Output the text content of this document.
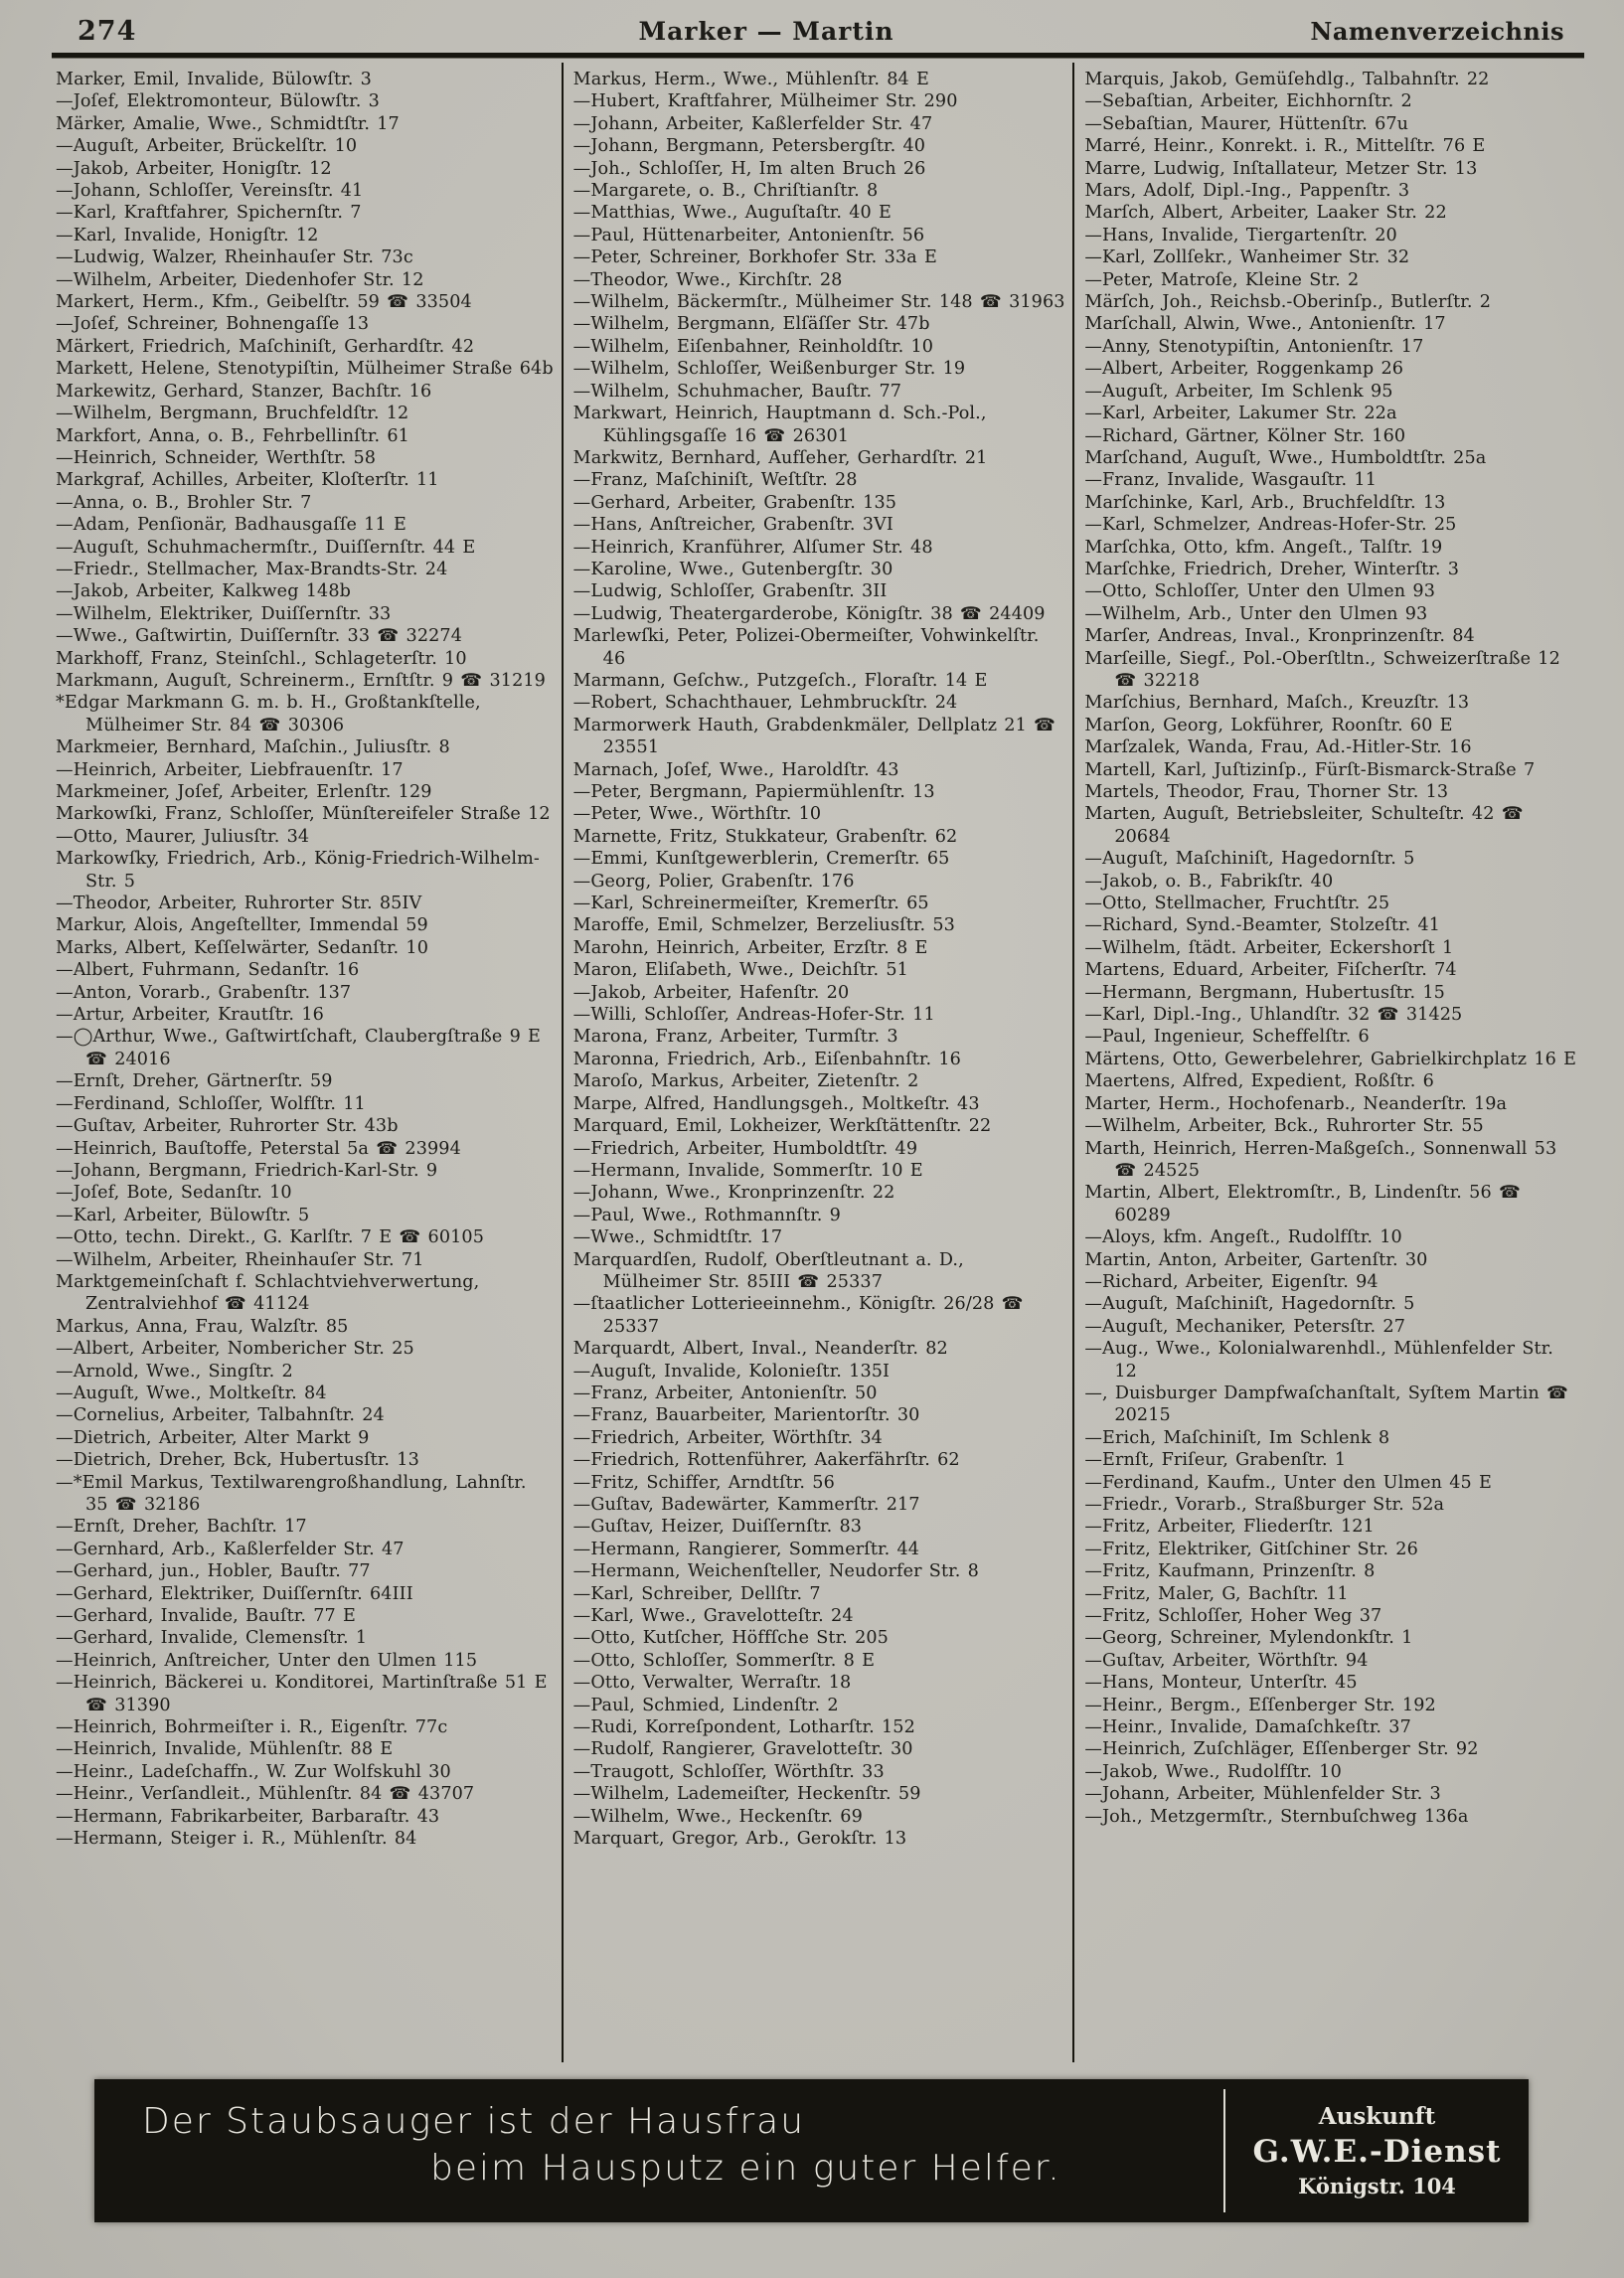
274	Marker — Martin	Namenverzeichnis
Marker, Emil, Invalide, Bülowſtr. 3
—Joſef, Elektromonteur, Bülowſtr. 3
Märker, Amalie, Wwe., Schmidtſtr. 17
—Auguſt, Arbeiter, Brückelſtr. 10
—Jakob, Arbeiter, Honigſtr. 12
—Johann, Schloſſer, Vereinsſtr. 41
—Karl, Kraftfahrer, Spichernſtr. 7
—Karl, Invalide, Honigſtr. 12
—Ludwig, Walzer, Rheinhauſer Str. 73c
—Wilhelm, Arbeiter, Diedenhofer Str. 12
Markert, Herm., Kfm., Geibelſtr. 59 ☎ 33504
—Joſef, Schreiner, Bohnengaſſe 13
Märkert, Friedrich, Maſchiniſt, Gerhardſtr. 42
Markett, Helene, Stenotypiſtin, Mülheimer Straße 64b
Markewitz, Gerhard, Stanzer, Bachſtr. 16
—Wilhelm, Bergmann, Bruchfeldſtr. 12
Markfort, Anna, o. B., Fehrbellinſtr. 61
—Heinrich, Schneider, Werthſtr. 58
Markgraf, Achilles, Arbeiter, Kloſterſtr. 11
—Anna, o. B., Brohler Str. 7
—Adam, Penſionär, Badhausgaſſe 11 E
—Auguſt, Schuhmachermſtr., Duiſſernſtr. 44 E
—Friedr., Stellmacher, Max-Brandts-Str. 24
—Jakob, Arbeiter, Kalkweg 148b
—Wilhelm, Elektriker, Duiſſernſtr. 33
—Wwe., Gaſtwirtin, Duiſſernſtr. 33 ☎ 32274
Markhoff, Franz, Steinſchl., Schlageterſtr. 10
Markmann, Auguſt, Schreinerm., Ernſtſtr. 9 ☎ 31219
*Edgar Markmann G. m. b. H., Großtankſtelle, Mülheimer Str. 84 ☎ 30306
Markmeier, Bernhard, Maſchin., Juliusſtr. 8
—Heinrich, Arbeiter, Liebfrauenſtr. 17
Markmeiner, Joſef, Arbeiter, Erlenſtr. 129
Markowſki, Franz, Schloſſer, Münſtereifeler Straße 12
—Otto, Maurer, Juliusſtr. 34
Markowſky, Friedrich, Arb., König-Friedrich-Wilhelm-Str. 5
—Theodor, Arbeiter, Ruhrorter Str. 85IV
Markur, Alois, Angeſtellter, Immendal 59
Marks, Albert, Keſſelwärter, Sedanſtr. 10
—Albert, Fuhrmann, Sedanſtr. 16
—Anton, Vorarb., Grabenſtr. 137
—Artur, Arbeiter, Krautſtr. 16
—◯Arthur, Wwe., Gaſtwirtſchaft, Claubergſtraße 9 E ☎ 24016
—Ernſt, Dreher, Gärtnerſtr. 59
—Ferdinand, Schloſſer, Wolfſtr. 11
—Guſtav, Arbeiter, Ruhrorter Str. 43b
—Heinrich, Bauſtoffe, Peterstal 5a ☎ 23994
—Johann, Bergmann, Friedrich-Karl-Str. 9
—Joſef, Bote, Sedanſtr. 10
—Karl, Arbeiter, Bülowſtr. 5
—Otto, techn. Direkt., G. Karlſtr. 7 E ☎ 60105
—Wilhelm, Arbeiter, Rheinhauſer Str. 71
Marktgemeinſchaft f. Schlachtviehverwertung, Zentralviehhof ☎ 41124
Markus, Anna, Frau, Walzſtr. 85
—Albert, Arbeiter, Nombericher Str. 25
—Arnold, Wwe., Singſtr. 2
—Auguſt, Wwe., Moltkeſtr. 84
—Cornelius, Arbeiter, Talbahnſtr. 24
—Dietrich, Arbeiter, Alter Markt 9
—Dietrich, Dreher, Bck, Hubertusſtr. 13
—*Emil Markus, Textilwarengroßhandlung, Lahnſtr. 35 ☎ 32186
—Ernſt, Dreher, Bachſtr. 17
—Gernhard, Arb., Kaßlerfelder Str. 47
—Gerhard, jun., Hobler, Bauſtr. 77
—Gerhard, Elektriker, Duiſſernſtr. 64III
—Gerhard, Invalide, Bauſtr. 77 E
—Gerhard, Invalide, Clemensſtr. 1
—Heinrich, Anſtreicher, Unter den Ulmen 115
—Heinrich, Bäckerei u. Konditorei, Martinſtraße 51 E ☎ 31390
—Heinrich, Bohrmeiſter i. R., Eigenſtr. 77c
—Heinrich, Invalide, Mühlenſtr. 88 E
—Heinr., Ladeſchaffn., W. Zur Wolfskuhl 30
—Heinr., Verſandleit., Mühlenſtr. 84 ☎ 43707
—Hermann, Fabrikarbeiter, Barbaraſtr. 43
—Hermann, Steiger i. R., Mühlenſtr. 84
Markus, Herm., Wwe., Mühlenſtr. 84 E
—Hubert, Kraftfahrer, Mülheimer Str. 290
—Johann, Arbeiter, Kaßlerfelder Str. 47
—Johann, Bergmann, Petersbergſtr. 40
—Joh., Schloſſer, H, Im alten Bruch 26
—Margarete, o. B., Chriſtianſtr. 8
—Matthias, Wwe., Auguſtaſtr. 40 E
—Paul, Hüttenarbeiter, Antonienſtr. 56
—Peter, Schreiner, Borkhofer Str. 33a E
—Theodor, Wwe., Kirchſtr. 28
—Wilhelm, Bäckermſtr., Mülheimer Str. 148 ☎ 31963
—Wilhelm, Bergmann, Elſäſſer Str. 47b
—Wilhelm, Eiſenbahner, Reinholdſtr. 10
—Wilhelm, Schloſſer, Weißenburger Str. 19
—Wilhelm, Schuhmacher, Bauſtr. 77
Markwart, Heinrich, Hauptmann d. Sch.-Pol., Kühlingsgaſſe 16 ☎ 26301
Markwitz, Bernhard, Aufſeher, Gerhardſtr. 21
—Franz, Maſchiniſt, Weſtſtr. 28
—Gerhard, Arbeiter, Grabenſtr. 135
—Hans, Anſtreicher, Grabenſtr. 3VI
—Heinrich, Kranführer, Alſumer Str. 48
—Karoline, Wwe., Gutenbergſtr. 30
—Ludwig, Schloſſer, Grabenſtr. 3II
—Ludwig, Theatergarderobe, Königſtr. 38 ☎ 24409
Marlewſki, Peter, Polizei-Obermeiſter, Vohwinkelſtr. 46
Marmann, Geſchw., Putzgeſch., Floraſtr. 14 E
—Robert, Schachthauer, Lehmbruckſtr. 24
Marmorwerk Hauth, Grabdenkmäler, Dellplatz 21 ☎ 23551
Marnach, Joſef, Wwe., Haroldſtr. 43
—Peter, Bergmann, Papiermühlenſtr. 13
—Peter, Wwe., Wörthſtr. 10
Marnette, Fritz, Stukkateur, Grabenſtr. 62
—Emmi, Kunſtgewerblerin, Cremerſtr. 65
—Georg, Polier, Grabenſtr. 176
—Karl, Schreinermeiſter, Kremerſtr. 65
Maroffe, Emil, Schmelzer, Berzeliusſtr. 53
Marohn, Heinrich, Arbeiter, Erzſtr. 8 E
Maron, Eliſabeth, Wwe., Deichſtr. 51
—Jakob, Arbeiter, Hafenſtr. 20
—Willi, Schloſſer, Andreas-Hofer-Str. 11
Marona, Franz, Arbeiter, Turmſtr. 3
Maronna, Friedrich, Arb., Eiſenbahnſtr. 16
Maroſo, Markus, Arbeiter, Zietenſtr. 2
Marpe, Alfred, Handlungsgeh., Moltkeſtr. 43
Marquard, Emil, Lokheizer, Werkſtättenſtr. 22
—Friedrich, Arbeiter, Humboldtſtr. 49
—Hermann, Invalide, Sommerſtr. 10 E
—Johann, Wwe., Kronprinzenſtr. 22
—Paul, Wwe., Rothmannſtr. 9
—Wwe., Schmidtſtr. 17
Marquardſen, Rudolf, Oberſtleutnant a. D., Mülheimer Str. 85III ☎ 25337
—ſtaatlicher Lotterieeinnehm., Königſtr. 26/28 ☎ 25337
Marquardt, Albert, Inval., Neanderſtr. 82
—Auguſt, Invalide, Kolonieſtr. 135I
—Franz, Arbeiter, Antonienſtr. 50
—Franz, Bauarbeiter, Marientorſtr. 30
—Friedrich, Arbeiter, Wörthſtr. 34
—Friedrich, Rottenführer, Aakerfährſtr. 62
—Fritz, Schiffer, Arndtſtr. 56
—Guſtav, Badewärter, Kammerſtr. 217
—Guſtav, Heizer, Duiſſernſtr. 83
—Hermann, Rangierer, Sommerſtr. 44
—Hermann, Weichenſteller, Neudorfer Str. 8
—Karl, Schreiber, Dellſtr. 7
—Karl, Wwe., Gravelotteſtr. 24
—Otto, Kutſcher, Höffſche Str. 205
—Otto, Schloſſer, Sommerſtr. 8 E
—Otto, Verwalter, Werraſtr. 18
—Paul, Schmied, Lindenſtr. 2
—Rudi, Korreſpondent, Lotharſtr. 152
—Rudolf, Rangierer, Gravelotteſtr. 30
—Traugott, Schloſſer, Wörthſtr. 33
—Wilhelm, Lademeiſter, Heckenſtr. 59
—Wilhelm, Wwe., Heckenſtr. 69
Marquart, Gregor, Arb., Gerokſtr. 13
Marquis, Jakob, Gemüſehdlg., Talbahnſtr. 22
—Sebaſtian, Arbeiter, Eichhornſtr. 2
—Sebaſtian, Maurer, Hüttenſtr. 67u
Marré, Heinr., Konrekt. i. R., Mittelſtr. 76 E
Marre, Ludwig, Inſtallateur, Metzer Str. 13
Mars, Adolf, Dipl.-Ing., Pappenſtr. 3
Marſch, Albert, Arbeiter, Laaker Str. 22
—Hans, Invalide, Tiergartenſtr. 20
—Karl, Zollſekr., Wanheimer Str. 32
—Peter, Matroſe, Kleine Str. 2
Märſch, Joh., Reichsb.-Oberinſp., Butlerſtr. 2
Marſchall, Alwin, Wwe., Antonienſtr. 17
—Anny, Stenotypiſtin, Antonienſtr. 17
—Albert, Arbeiter, Roggenkamp 26
—Auguſt, Arbeiter, Im Schlenk 95
—Karl, Arbeiter, Lakumer Str. 22a
—Richard, Gärtner, Kölner Str. 160
Marſchand, Auguſt, Wwe., Humboldtſtr. 25a
—Franz, Invalide, Wasgauſtr. 11
Marſchinke, Karl, Arb., Bruchfeldſtr. 13
—Karl, Schmelzer, Andreas-Hofer-Str. 25
Marſchka, Otto, kfm. Angeſt., Talſtr. 19
Marſchke, Friedrich, Dreher, Winterſtr. 3
—Otto, Schloſſer, Unter den Ulmen 93
—Wilhelm, Arb., Unter den Ulmen 93
Marſer, Andreas, Inval., Kronprinzenſtr. 84
Marſeille, Siegf., Pol.-Oberſtltn., Schweizerſtraße 12 ☎ 32218
Marſchius, Bernhard, Maſch., Kreuzſtr. 13
Marſon, Georg, Lokführer, Roonſtr. 60 E
Marſzalek, Wanda, Frau, Ad.-Hitler-Str. 16
Martell, Karl, Juſtizinſp., Fürſt-Bismarck-Straße 7
Martels, Theodor, Frau, Thorner Str. 13
Marten, Auguſt, Betriebsleiter, Schulteſtr. 42 ☎ 20684
—Auguſt, Maſchiniſt, Hagedornſtr. 5
—Jakob, o. B., Fabrikſtr. 40
—Otto, Stellmacher, Fruchtſtr. 25
—Richard, Synd.-Beamter, Stolzeſtr. 41
—Wilhelm, ſtädt. Arbeiter, Eckershorſt 1
Martens, Eduard, Arbeiter, Fiſcherſtr. 74
—Hermann, Bergmann, Hubertusſtr. 15
—Karl, Dipl.-Ing., Uhlandſtr. 32 ☎ 31425
—Paul, Ingenieur, Scheffelſtr. 6
Märtens, Otto, Gewerbelehrer, Gabrielkirchplatz 16 E
Maertens, Alfred, Expedient, Roßſtr. 6
Marter, Herm., Hochofenarb., Neanderſtr. 19a
—Wilhelm, Arbeiter, Bck., Ruhrorter Str. 55
Marth, Heinrich, Herren-Maßgeſch., Sonnenwall 53 ☎ 24525
Martin, Albert, Elektromſtr., B, Lindenſtr. 56 ☎ 60289
—Aloys, kfm. Angeſt., Rudolfſtr. 10
Martin, Anton, Arbeiter, Gartenſtr. 30
—Richard, Arbeiter, Eigenſtr. 94
—Auguſt, Maſchiniſt, Hagedornſtr. 5
—Auguſt, Mechaniker, Petersſtr. 27
—Aug., Wwe., Kolonialwarenhdl., Mühlenfelder Str. 12
—, Duisburger Dampfwaſchanſtalt, Syſtem Martin ☎ 20215
—Erich, Maſchiniſt, Im Schlenk 8
—Ernſt, Friſeur, Grabenſtr. 1
—Ferdinand, Kaufm., Unter den Ulmen 45 E
—Friedr., Vorarb., Straßburger Str. 52a
—Fritz, Arbeiter, Fliederſtr. 121
—Fritz, Elektriker, Gitſchiner Str. 26
—Fritz, Kaufmann, Prinzenſtr. 8
—Fritz, Maler, G, Bachſtr. 11
—Fritz, Schloſſer, Hoher Weg 37
—Georg, Schreiner, Mylendonkſtr. 1
—Guſtav, Arbeiter, Wörthſtr. 94
—Hans, Monteur, Unterſtr. 45
—Heinr., Bergm., Eſſenberger Str. 192
—Heinr., Invalide, Damaſchkeſtr. 37
—Heinrich, Zuſchläger, Eſſenberger Str. 92
—Jakob, Wwe., Rudolfſtr. 10
—Johann, Arbeiter, Mühlenfelder Str. 3
—Joh., Metzgermſtr., Sternbuſchweg 136a
Der Staubsauger ist der Hausfrau
beim Hausputz ein guter Helfer.
Auskunft
G.W.E.-Dienst
Königstr. 104
